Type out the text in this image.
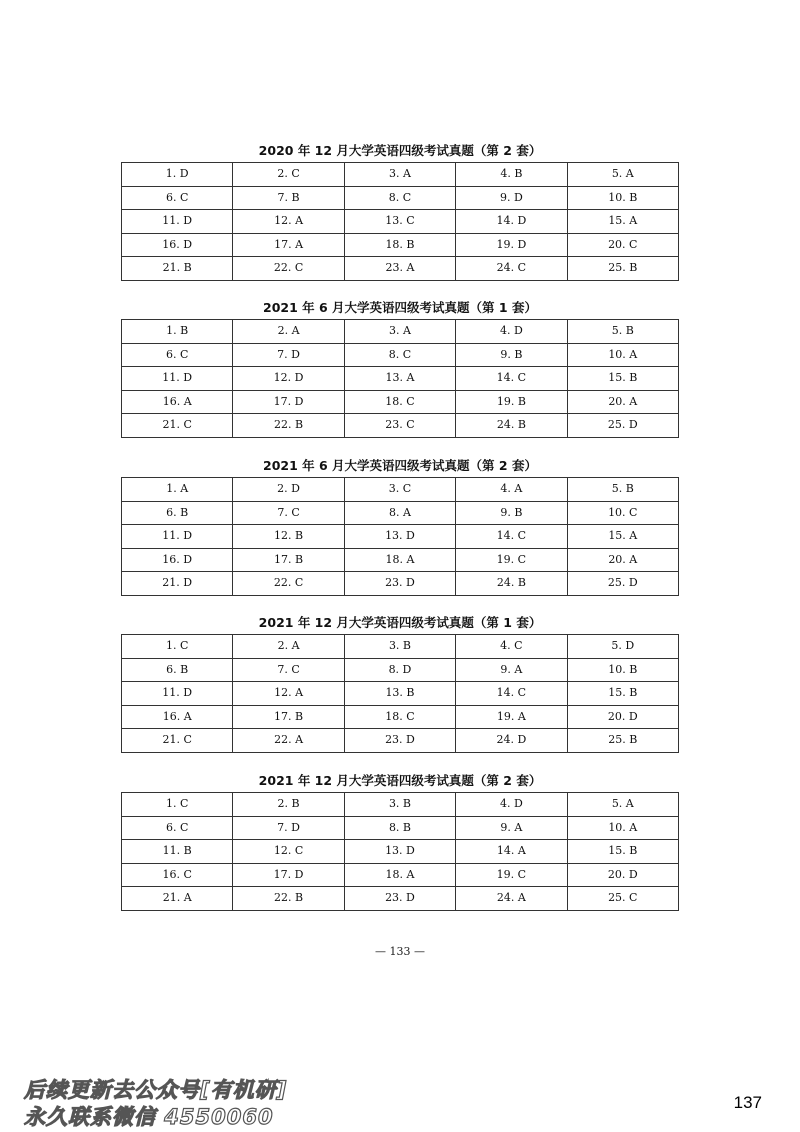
2020 年 12 月大学英语四级考试真题（第 2 套）
1. D	2. C	3. A	4. B	5. A
6. C	7. B	8. C	9. D	10. B
11. D	12. A	13. C	14. D	15. A
16. D	17. A	18. B	19. D	20. C
21. B	22. C	23. A	24. C	25. B
2021 年 6 月大学英语四级考试真题（第 1 套）
1. B	2. A	3. A	4. D	5. B
6. C	7. D	8. C	9. B	10. A
11. D	12. D	13. A	14. C	15. B
16. A	17. D	18. C	19. B	20. A
21. C	22. B	23. C	24. B	25. D
2021 年 6 月大学英语四级考试真题（第 2 套）
1. A	2. D	3. C	4. A	5. B
6. B	7. C	8. A	9. B	10. C
11. D	12. B	13. D	14. C	15. A
16. D	17. B	18. A	19. C	20. A
21. D	22. C	23. D	24. B	25. D
2021 年 12 月大学英语四级考试真题（第 1 套）
1. C	2. A	3. B	4. C	5. D
6. B	7. C	8. D	9. A	10. B
11. D	12. A	13. B	14. C	15. B
16. A	17. B	18. C	19. A	20. D
21. C	22. A	23. D	24. D	25. B
2021 年 12 月大学英语四级考试真题（第 2 套）
1. C	2. B	3. B	4. D	5. A
6. C	7. D	8. B	9. A	10. A
11. B	12. C	13. D	14. A	15. B
16. C	17. D	18. A	19. C	20. D
21. A	22. B	23. D	24. A	25. C
— 133 —
后续更新去公众号[有机研]
永久联系微信 4550060
137
